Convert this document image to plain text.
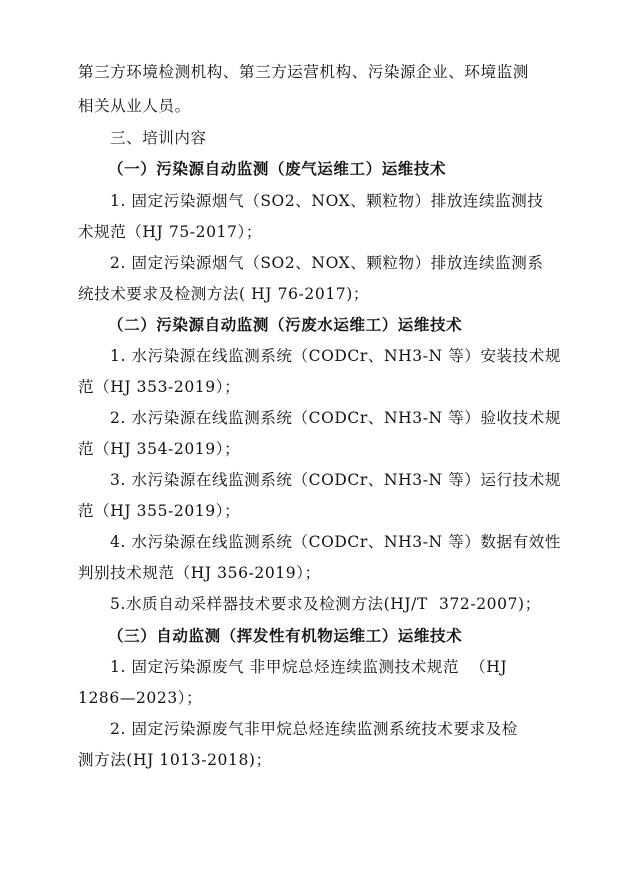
第三方环境检测机构、第三方运营机构、污染源企业、环境监测
相关从业人员。
三、培训内容
（一）污染源自动监测（废气运维工）运维技术
1. 固定污染源烟气（SO2、NOX、颗粒物）排放连续监测技
术规范（HJ 75-2017）；
2. 固定污染源烟气（SO2、NOX、颗粒物）排放连续监测系
统技术要求及检测方法( HJ 76-2017)；
（二）污染源自动监测（污废水运维工）运维技术
1. 水污染源在线监测系统（CODCr、NH3-N 等）安装技术规
范（HJ 353-2019）；
2. 水污染源在线监测系统（CODCr、NH3-N 等）验收技术规
范（HJ 354-2019）；
3. 水污染源在线监测系统（CODCr、NH3-N 等）运行技术规
范（HJ 355-2019）；
4. 水污染源在线监测系统（CODCr、NH3-N 等）数据有效性
判别技术规范（HJ 356-2019）；
5.水质自动采样器技术要求及检测方法(HJ/T  372-2007)；
（三）自动监测（挥发性有机物运维工）运维技术
1. 固定污染源废气 非甲烷总烃连续监测技术规范  （HJ
1286—2023）；
2. 固定污染源废气非甲烷总烃连续监测系统技术要求及检
测方法(HJ 1013-2018)；
